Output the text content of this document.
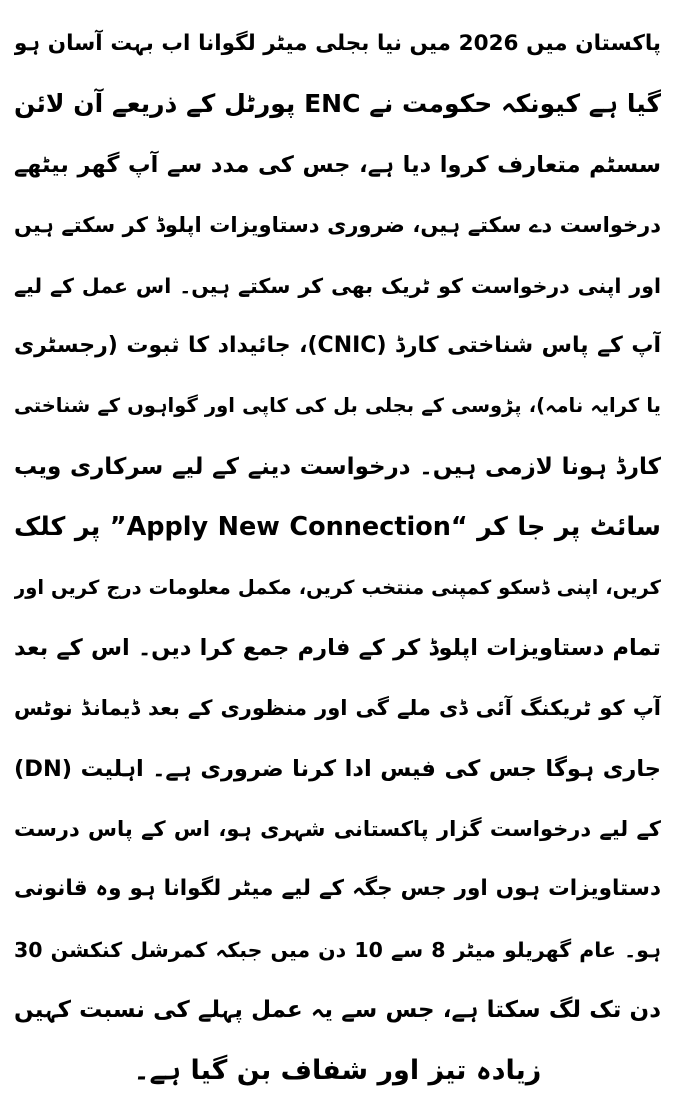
پاکستان میں 2026 میں نیا بجلی میٹر لگوانا اب بہت آسان ہو
گیا ہے کیونکہ حکومت نے ENC پورٹل کے ذریعے آن لائن
سسٹم متعارف کروا دیا ہے، جس کی مدد سے آپ گھر بیٹھے
درخواست دے سکتے ہیں، ضروری دستاویزات اپلوڈ کر سکتے ہیں
اور اپنی درخواست کو ٹریک بھی کر سکتے ہیں۔ اس عمل کے لیے
آپ کے پاس شناختی کارڈ (CNIC)، جائیداد کا ثبوت (رجسٹری
یا کرایہ نامہ)، پڑوسی کے بجلی بل کی کاپی اور گواہوں کے شناختی
کارڈ ہونا لازمی ہیں۔ درخواست دینے کے لیے سرکاری ویب
سائٹ پر جا کر “Apply New Connection” پر کلک
کریں، اپنی ڈسکو کمپنی منتخب کریں، مکمل معلومات درج کریں اور
تمام دستاویزات اپلوڈ کر کے فارم جمع کرا دیں۔ اس کے بعد
آپ کو ٹریکنگ آئی ڈی ملے گی اور منظوری کے بعد ڈیمانڈ نوٹس
(DN) جاری ہوگا جس کی فیس ادا کرنا ضروری ہے۔ اہلیت
کے لیے درخواست گزار پاکستانی شہری ہو، اس کے پاس درست
دستاویزات ہوں اور جس جگہ کے لیے میٹر لگوانا ہو وہ قانونی
ہو۔ عام گھریلو میٹر 8 سے 10 دن میں جبکہ کمرشل کنکشن 30
دن تک لگ سکتا ہے، جس سے یہ عمل پہلے کی نسبت کہیں
زیادہ تیز اور شفاف بن گیا ہے۔
